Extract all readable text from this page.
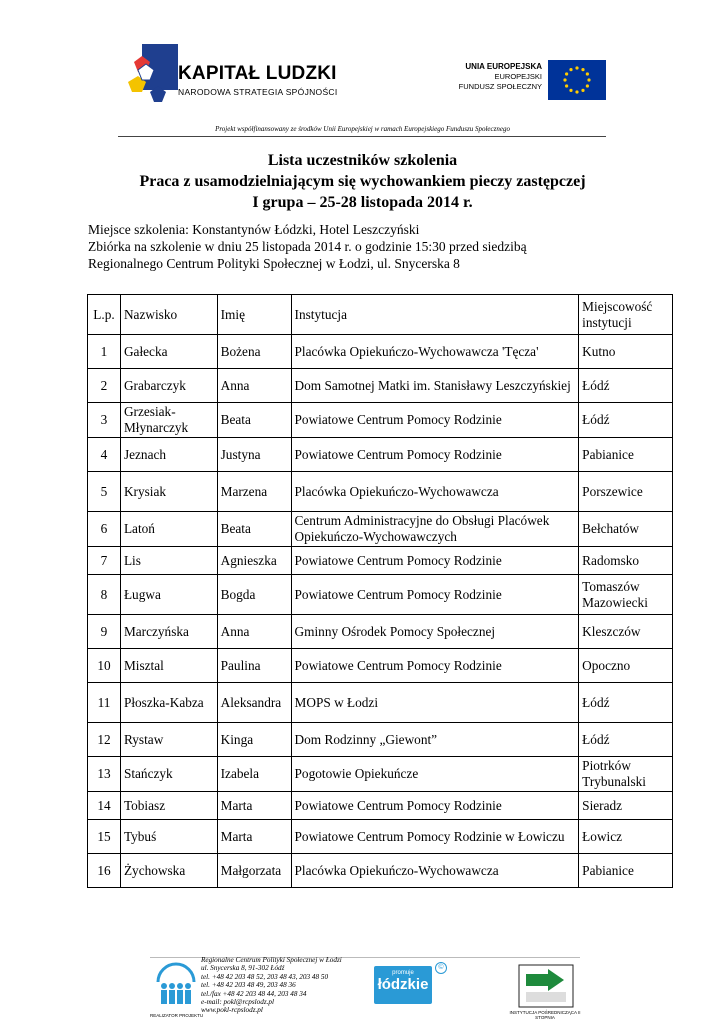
KAPITAŁ LUDZKI
NARODOWA STRATEGIA SPÓJNOŚCI
UNIA EUROPEJSKA
EUROPEJSKI
FUNDUSZ SPOŁECZNY
Projekt współfinansowany ze środków Unii Europejskiej w ramach Europejskiego Funduszu Społecznego
Lista uczestników szkolenia
Praca z usamodzielniającym się wychowankiem pieczy zastępczej
I grupa – 25-28 listopada 2014 r.
Miejsce szkolenia: Konstantynów Łódzki, Hotel Leszczyński
Zbiórka na szkolenie w dniu 25 listopada 2014 r. o godzinie 15:30 przed siedzibą
Regionalnego Centrum Polityki Społecznej w Łodzi, ul. Snycerska 8
L.p.	Nazwisko	Imię	Instytucja	Miejscowość instytucji
1	Gałecka	Bożena	Placówka Opiekuńczo-Wychowawcza 'Tęcza'	Kutno
2	Grabarczyk	Anna	Dom Samotnej Matki im. Stanisławy Leszczyńskiej	Łódź
3	Grzesiak-Młynarczyk	Beata	Powiatowe Centrum Pomocy Rodzinie	Łódź
4	Jeznach	Justyna	Powiatowe Centrum Pomocy Rodzinie	Pabianice
5	Krysiak	Marzena	Placówka Opiekuńczo-Wychowawcza	Porszewice
6	Latoń	Beata	Centrum Administracyjne do Obsługi Placówek Opiekuńczo-Wychowawczych	Bełchatów
7	Lis	Agnieszka	Powiatowe Centrum Pomocy Rodzinie	Radomsko
8	Ługwa	Bogda	Powiatowe Centrum Pomocy Rodzinie	Tomaszów Mazowiecki
9	Marczyńska	Anna	Gminny Ośrodek Pomocy Społecznej	Kleszczów
10	Misztal	Paulina	Powiatowe Centrum Pomocy Rodzinie	Opoczno
11	Płoszka-Kabza	Aleksandra	MOPS w Łodzi	Łódź
12	Rystaw	Kinga	Dom Rodzinny „Giewont”	Łódź
13	Stańczyk	Izabela	Pogotowie Opiekuńcze	Piotrków Trybunalski
14	Tobiasz	Marta	Powiatowe Centrum Pomocy Rodzinie	Sieradz
15	Tybuś	Marta	Powiatowe Centrum Pomocy Rodzinie w Łowiczu	Łowicz
16	Żychowska	Małgorzata	Placówka Opiekuńczo-Wychowawcza	Pabianice
Regionalne Centrum Polityki Społecznej w Łodzi
ul. Snycerska 8, 91-302 Łódź
tel. +48 42 203 48 52, 203 48 43, 203 48 50
tel. +48 42 203 48 49, 203 48 36
tel./fax +48 42 203 48 44, 203 48 34
e-mail: pokl@rcpslodz.pl
www.pokl-rcpslodz.pl
REALIZATOR PROJEKTU
promuje
łódzkie
©
INSTYTUCJA POŚREDNICZĄCA II STOPNIA
